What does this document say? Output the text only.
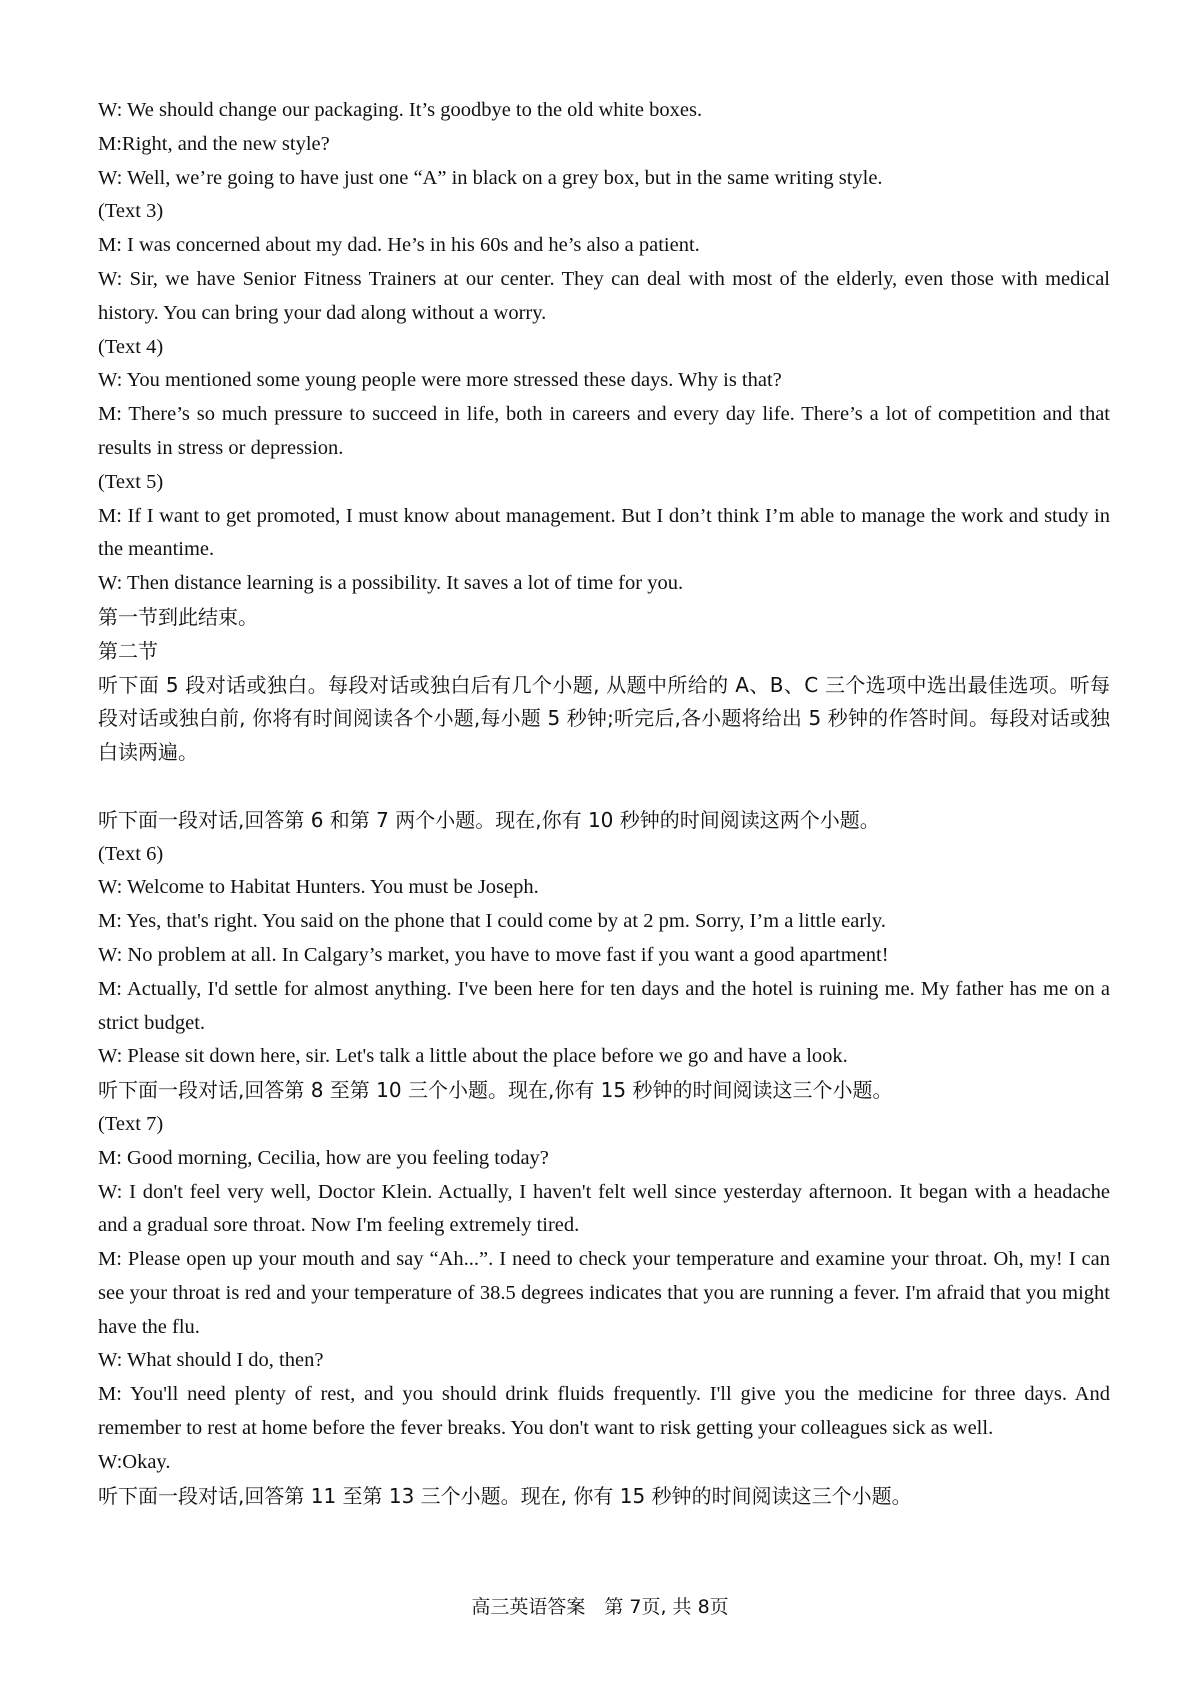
W: We should change our packaging. It’s goodbye to the old white boxes.

M:Right, and the new style?

W: Well, we’re going to have just one “A” in black on a grey box, but in the same writing style.

(Text 3)

M: I was concerned about my dad. He’s in his 60s and he’s also a patient.

W: Sir, we have Senior Fitness Trainers at our center. They can deal with most of the elderly, even those with medical history. You can bring your dad along without a worry.

(Text 4)

W: You mentioned some young people were more stressed these days. Why is that?

M: There’s so much pressure to succeed in life, both in careers and every day life. There’s a lot of competition and that results in stress or depression.

(Text 5)

M: If I want to get promoted, I must know about management. But I don’t think I’m able to manage the work and study in the meantime.

W: Then distance learning is a possibility. It saves a lot of time for you.

第一节到此结束。

第二节

听下面 5 段对话或独白。每段对话或独白后有几个小题, 从题中所给的 A、B、C 三个选项中选出最佳选项。听每段对话或独白前, 你将有时间阅读各个小题,每小题 5 秒钟;听完后,各小题将给出 5 秒钟的作答时间。每段对话或独白读两遍。

听下面一段对话,回答第 6 和第 7 两个小题。现在,你有 10 秒钟的时间阅读这两个小题。

(Text 6)

W: Welcome to Habitat Hunters. You must be Joseph.

M: Yes, that's right. You said on the phone that I could come by at 2 pm. Sorry, I’m a little early.

W: No problem at all. In Calgary’s market, you have to move fast if you want a good apartment!

M: Actually, I'd settle for almost anything. I've been here for ten days and the hotel is ruining me. My father has me on a strict budget.

W: Please sit down here, sir. Let's talk a little about the place before we go and have a look.

听下面一段对话,回答第 8 至第 10 三个小题。现在,你有 15 秒钟的时间阅读这三个小题。

(Text 7)

M: Good morning, Cecilia, how are you feeling today?

W: I don't feel very well, Doctor Klein. Actually, I haven't felt well since yesterday afternoon. It began with a headache and a gradual sore throat. Now I'm feeling extremely tired.

M: Please open up your mouth and say “Ah...”. I need to check your temperature and examine your throat. Oh, my! I can see your throat is red and your temperature of 38.5 degrees indicates that you are running a fever. I'm afraid that you might have the flu.

W: What should I do, then?

M: You'll need plenty of rest, and you should drink fluids frequently. I'll give you the medicine for three days. And remember to rest at home before the fever breaks. You don't want to risk getting your colleagues sick as well.

W:Okay.

听下面一段对话,回答第 11 至第 13 三个小题。现在, 你有 15 秒钟的时间阅读这三个小题。

高三英语答案　第 7页, 共 8页
